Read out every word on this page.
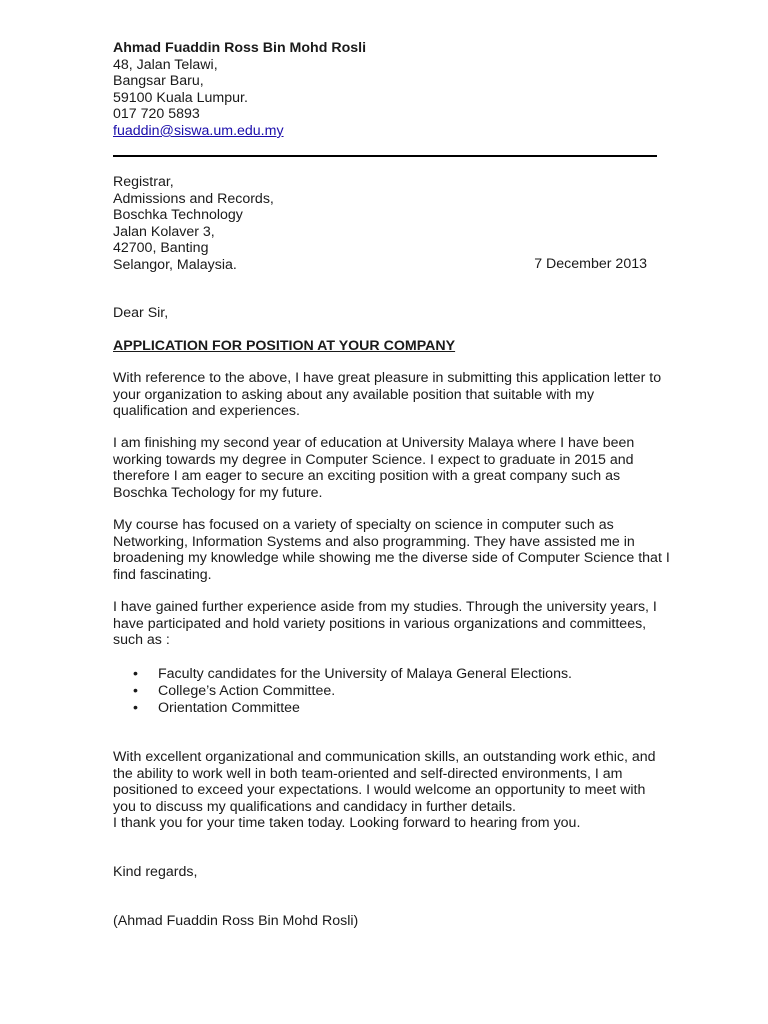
Ahmad Fuaddin Ross Bin Mohd Rosli
48, Jalan Telawi,
Bangsar Baru,
59100 Kuala Lumpur.
017 720 5893
fuaddin@siswa.um.edu.my
Registrar,
Admissions and Records,
Boschka Technology
Jalan Kolaver 3,
42700, Banting
Selangor, Malaysia.	7 December 2013
Dear Sir,
APPLICATION FOR POSITION AT YOUR COMPANY

With reference to the above, I have great pleasure in submitting this application letter to
your organization to asking about any available position that suitable with my
qualification and experiences.

I am finishing my second year of education at University Malaya where I have been
working towards my degree in Computer Science. I expect to graduate in 2015 and
therefore I am eager to secure an exciting position with a great company such as
Boschka Techology for my future.

My course has focused on a variety of specialty on science in computer such as
Networking, Information Systems and also programming. They have assisted me in
broadening my knowledge while showing me the diverse side of Computer Science that I
find fascinating.

I have gained further experience aside from my studies. Through the university years, I
have participated and hold variety positions in various organizations and committees,
such as :

• Faculty candidates for the University of Malaya General Elections.
• College’s Action Committee.
• Orientation Committee

With excellent organizational and communication skills, an outstanding work ethic, and
the ability to work well in both team-oriented and self-directed environments, I am
positioned to exceed your expectations. I would welcome an opportunity to meet with
you to discuss my qualifications and candidacy in further details.
I thank you for your time taken today. Looking forward to hearing from you.

Kind regards,
(Ahmad Fuaddin Ross Bin Mohd Rosli)
